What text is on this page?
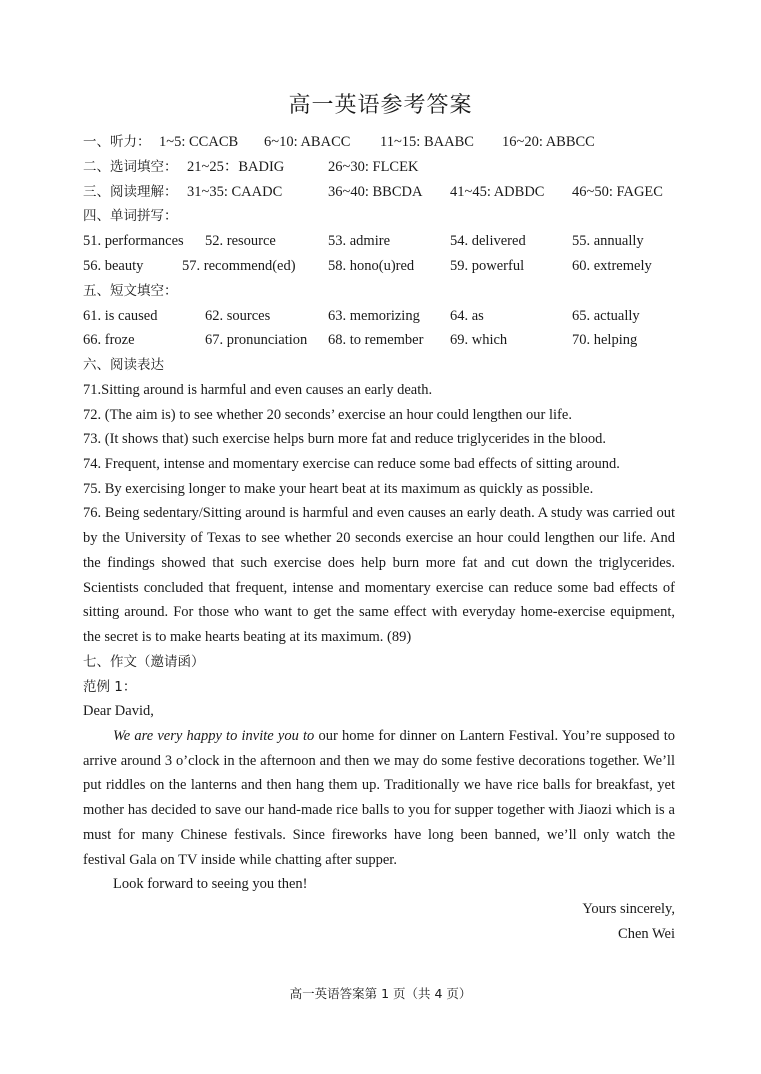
高一英语参考答案
一、听力： 1~5: CCACB 6~10: ABACC 11~15: BAABC 16~20: ABBCC
二、选词填空： 21~25：BADIG	26~30: FLCEK
三、阅读理解： 31~35: CAADC	36~40: BBCDA 41~45: ADBDC 46~50: FAGEC
四、单词拼写：
51. performances 52. resource	53. admire	54. delivered	55. annually
56. beauty	57. recommend(ed) 58. hono(u)red 59. powerful	60. extremely
五、短文填空：
61. is caused	62. sources	63. memorizing 64. as	65. actually
66. froze	67. pronunciation 68. to remember 69. which	70. helping
六、阅读表达

71.Sitting around is harmful and even causes an early death.

72. (The aim is) to see whether 20 seconds’ exercise an hour could lengthen our life.

73. (It shows that) such exercise helps burn more fat and reduce triglycerides in the blood.

74. Frequent, intense and momentary exercise can reduce some bad effects of sitting around.

75. By exercising longer to make your heart beat at its maximum as quickly as possible.

76. Being sedentary/Sitting around is harmful and even causes an early death. A study was carried out by the University of Texas to see whether 20 seconds exercise an hour could lengthen our life. And the findings showed that such exercise does help burn more fat and cut down the triglycerides. Scientists concluded that frequent, intense and momentary exercise can reduce some bad effects of sitting around. For those who want to get the same effect with everyday home-exercise equipment, the secret is to make hearts beating at its maximum. (89)

七、作文（邀请函）
范例 1：

Dear David,

We are very happy to invite you to our home for dinner on Lantern Festival. You’re supposed to arrive around 3 o’clock in the afternoon and then we may do some festive decorations together. We’ll put riddles on the lanterns and then hang them up. Traditionally we have rice balls for breakfast, yet mother has decided to save our hand-made rice balls to you for supper together with Jiaozi which is a must for many Chinese festivals. Since fireworks have long been banned, we’ll only watch the festival Gala on TV inside while chatting after supper.

Look forward to seeing you then!

Yours sincerely,

Chen Wei

高一英语答案第 1 页（共 4 页）
